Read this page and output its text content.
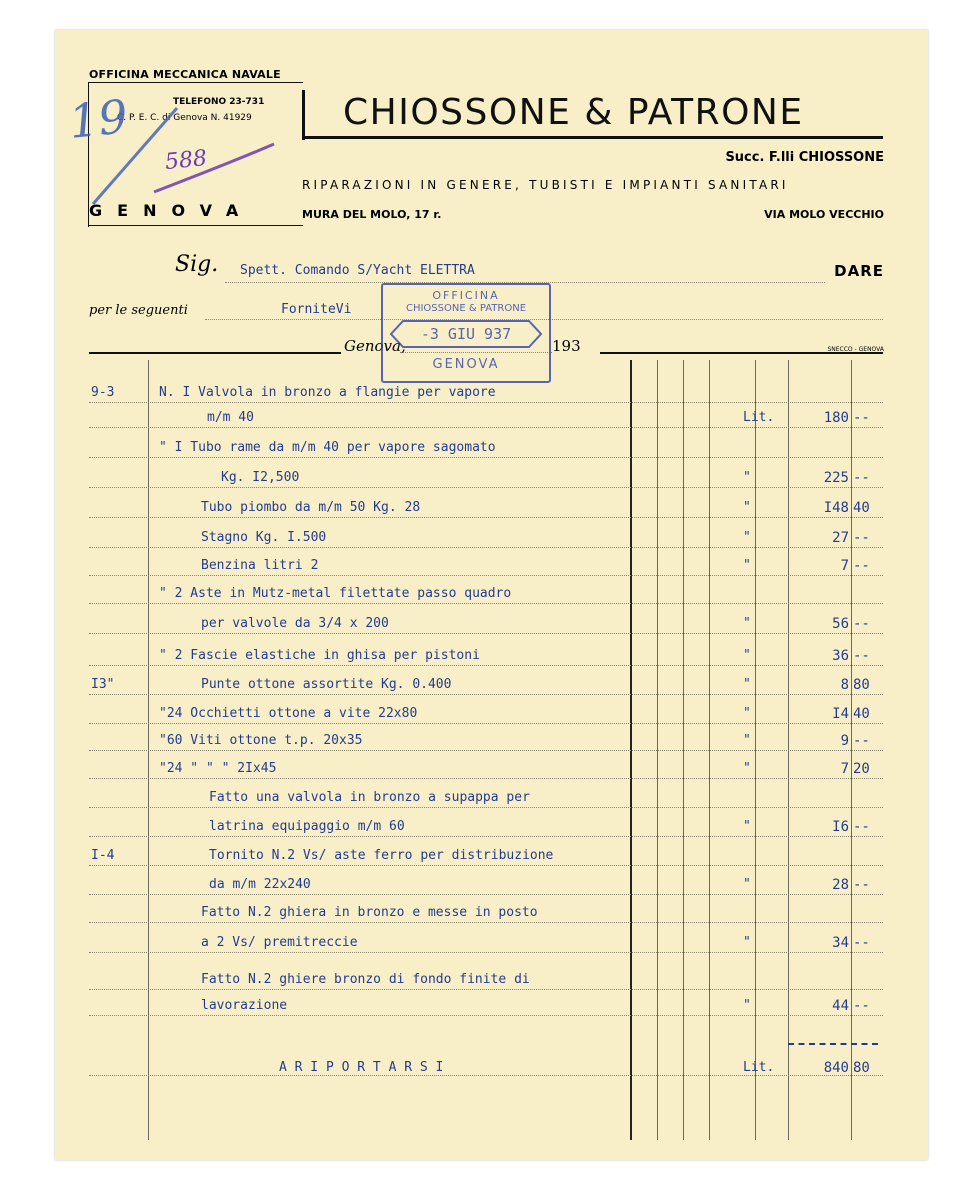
OFFICINA MECCANICA NAVALE
TELEFONO 23-731
C. P. E. C. di Genova N. 41929
GENOVA
19
588
CHIOSSONE & PATRONE
Succ. F.lli CHIOSSONE
RIPARAZIONI IN GENERE, TUBISTI E IMPIANTI SANITARI
MURA DEL MOLO, 17 r.	VIA MOLO VECCHIO
Sig. Spett. Comando S/Yacht ELETTRA	DARE
per le seguenti	FornitеVi
Genova,	193	SNECCO - GENOVA
OFFICINA
CHIOSSONE & PATRONE
-3 GIU 937
GENOVA
9-3	N. I Valvola in bronzo a flangie per vapore
m/m 40	Lit.	180 --
" I Tubo rame da m/m 40 per vapore sagomato
Kg. I2,500	"	225 --
Tubo piombo da m/m 50 Kg. 28	"	I48 40
Stagno Kg. I.500	"	27 --
Benzina litri 2	"	7 --
" 2 Aste in Mutz-metal filettate passo quadro
per valvole da 3/4 x 200	"	56 --
" 2 Fascie elastiche in ghisa per pistoni	"	36 --
I3"	Punte ottone assortite Kg. 0.400	"	8 80
"24 Occhietti ottone a vite 22x80	"	I4 40
"60 Viti ottone t.p. 20x35	"	9 --
"24 " " " 2Ix45	"	7 20
Fatto una valvola in bronzo a supappa per
latrina equipaggio m/m 60	"	I6 --
I-4	Tornito N.2 Vs/ aste ferro per distribuzione
da m/m 22x240	"	28 --
Fatto N.2 ghiera in bronzo e messe in posto
a 2 Vs/ premitreccie	"	34 --
Fatto N.2 ghiere bronzo di fondo finite di
lavorazione	"	44 --
A R I P O R T A R S I	Lit.	840 80
